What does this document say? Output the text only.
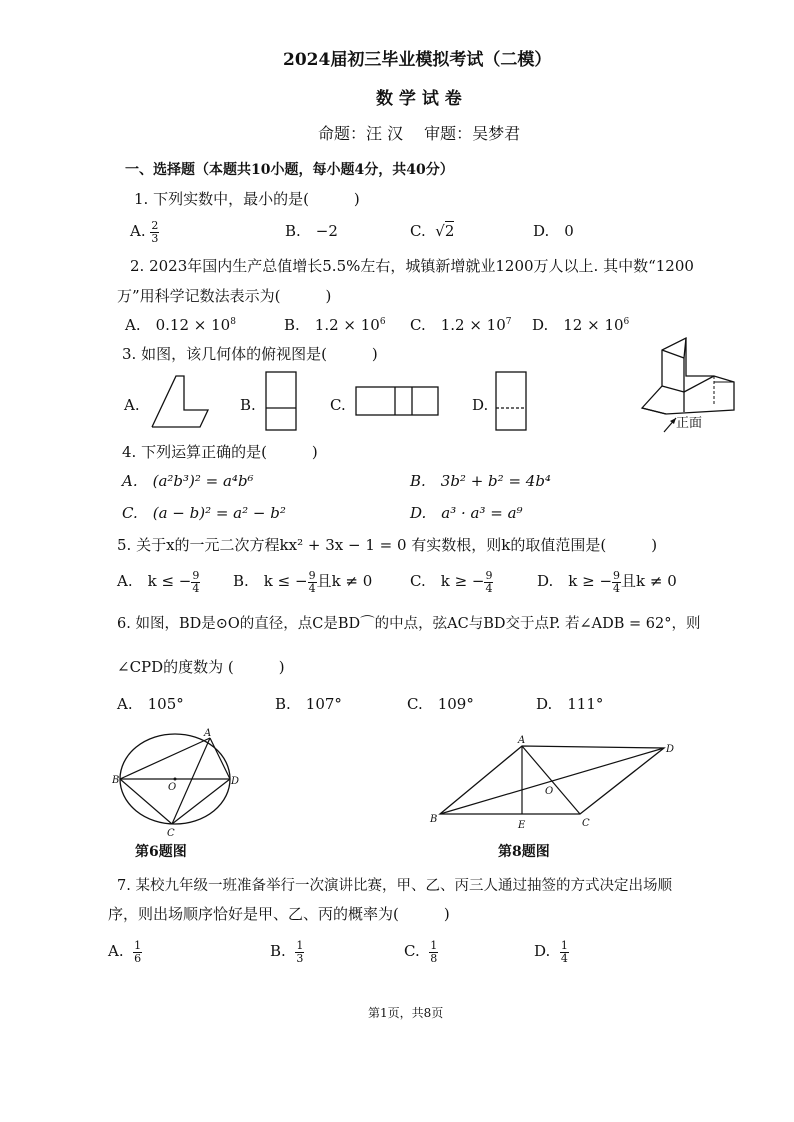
2024届初三毕业模拟考试（二模）
数 学 试 卷
命题：汪 汉　 审题：吴梦君
一、选择题（本题共10小题，每小题4分，共40分）
1. 下列实数中，最小的是(　　　)
A. $\frac{2}{3}$	B.　−2	C.  √2	D.　0
2. 2023年国内生产总值增长5.5%左右，城镇新增就业1200万人以上. 其中数“1200
万”用科学记数法表示为(　　　)
A.　$0.12 \times 10^8$	B.　$1.2 \times 10^6$ C.　$1.2 \times 10^7$ D.　$12 \times 10^6$
3. 如图，该几何体的俯视图是(　　　)
A.	B.	C.	D.
正面
4. 下列运算正确的是(　　　)
A.　(a²b³)² = a⁴b⁶	B.　3b² + b² = 4b⁴
C.　(a − b)² = a² − b²	D.　a³ · a³ = a⁹
5. 关于x的一元二次方程kx² + 3x − 1 = 0 有实数根，则k的取值范围是(　　　)
A.　k ≤ − $\frac{9}{4} B$.　k ≤ − $\frac{9}{4}$ 且k ≠ 0	C.　k ≥ − $\frac{9}{4}$	D.　k ≥ − $\frac{9}{4}$ 且k ≠ 0
6. 如图，BD是⊙O的直径，点C是BD⌒的中点，弦AC与BD交于点P. 若∠ADB = 62°，则
∠CPD的度数为 (　　　)
A.　105°	B.　107°	C.　109°	D.　111°
A
B	D
O
C
第6题图
A
D
B	C
E
O
第8题图
7. 某校九年级一班准备举行一次演讲比赛，甲、乙、丙三人通过抽签的方式决定出场顺
序，则出场顺序恰好是甲、乙、丙的概率为(　　　)
A. $\frac{1}{6}$	B. $\frac{1}{3}$	C. $\frac{1}{8}$	D. $\frac{1}{4}$
第1页，共8页
